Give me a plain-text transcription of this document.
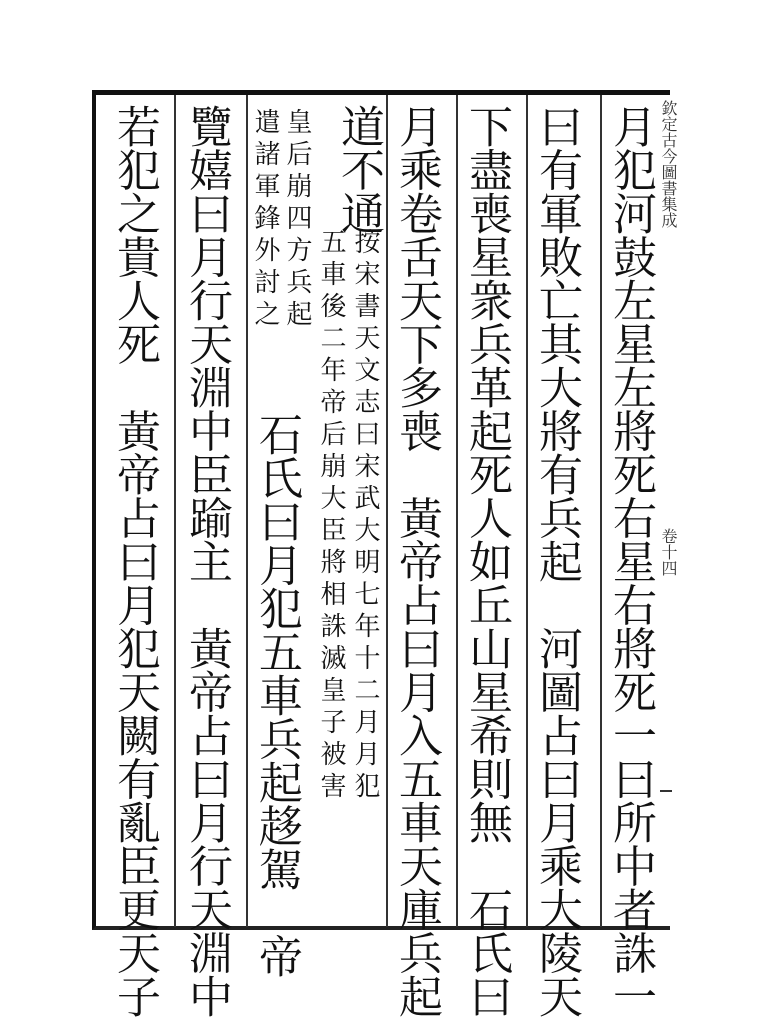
欽定古今圖書集成卷十四
月犯河鼓左星左將死右星右將死一曰所中者誅一
曰有軍敗亡其大將有兵起　河圖占曰月乘大陵天
下盡喪星衆兵革起死人如丘山星希則無　石氏曰
月乘卷舌天下多喪　黃帝占曰月入五車天庫兵起
道不通
按宋書天文志曰宋武大明七年十二月月犯
五車後二年帝后崩大臣將相誅滅皇子被害
皇后崩四方兵起
遣諸軍鋒外討之
石氏曰月犯五車兵起趍駕　帝
覽嬉曰月行天淵中臣踰主　黃帝占曰月行天淵中
若犯之貴人死　黃帝占曰月犯天闕有亂臣更天子
